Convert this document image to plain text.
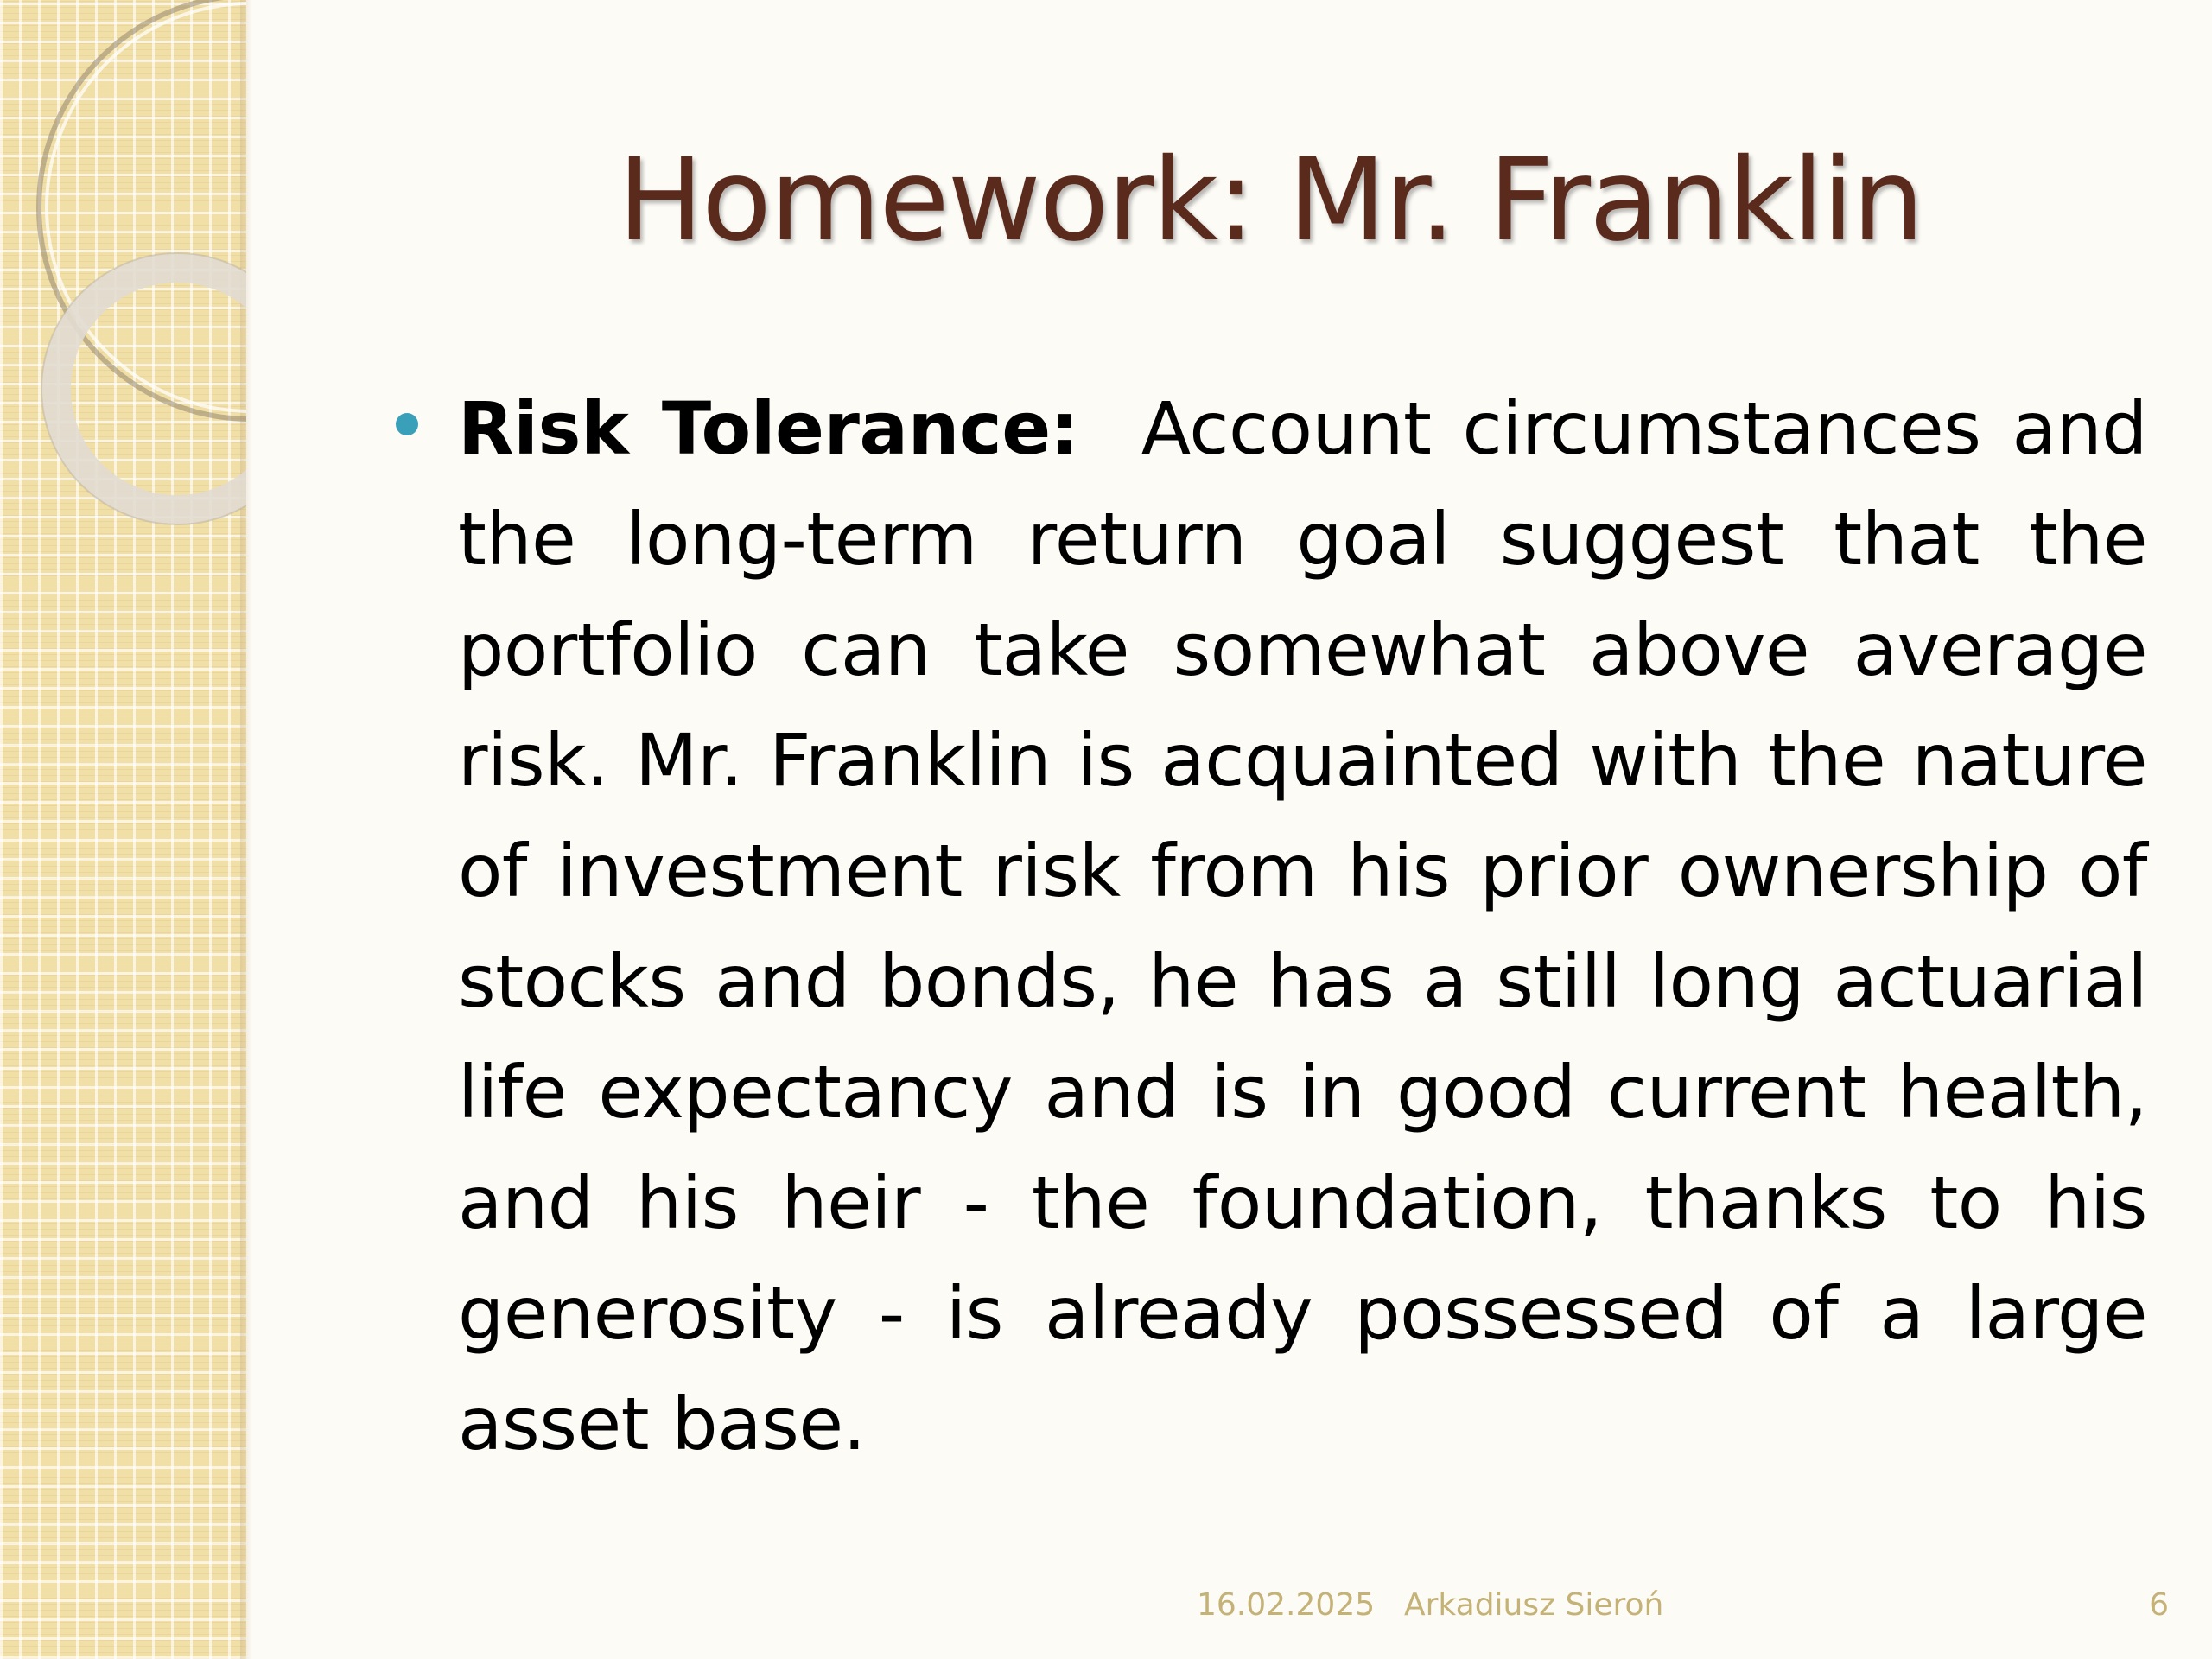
Homework: Mr. Franklin

Risk Tolerance: Account circumstances and the long-term return goal suggest that the portfolio can take somewhat above average risk. Mr. Franklin is acquainted with the nature of investment risk from his prior ownership of stocks and bonds, he has a still long actuarial life expectancy and is in good current health, and his heir - the foundation, thanks to his generosity - is already possessed of a large asset base.

16.02.2025 Arkadiusz Sieroń	6
